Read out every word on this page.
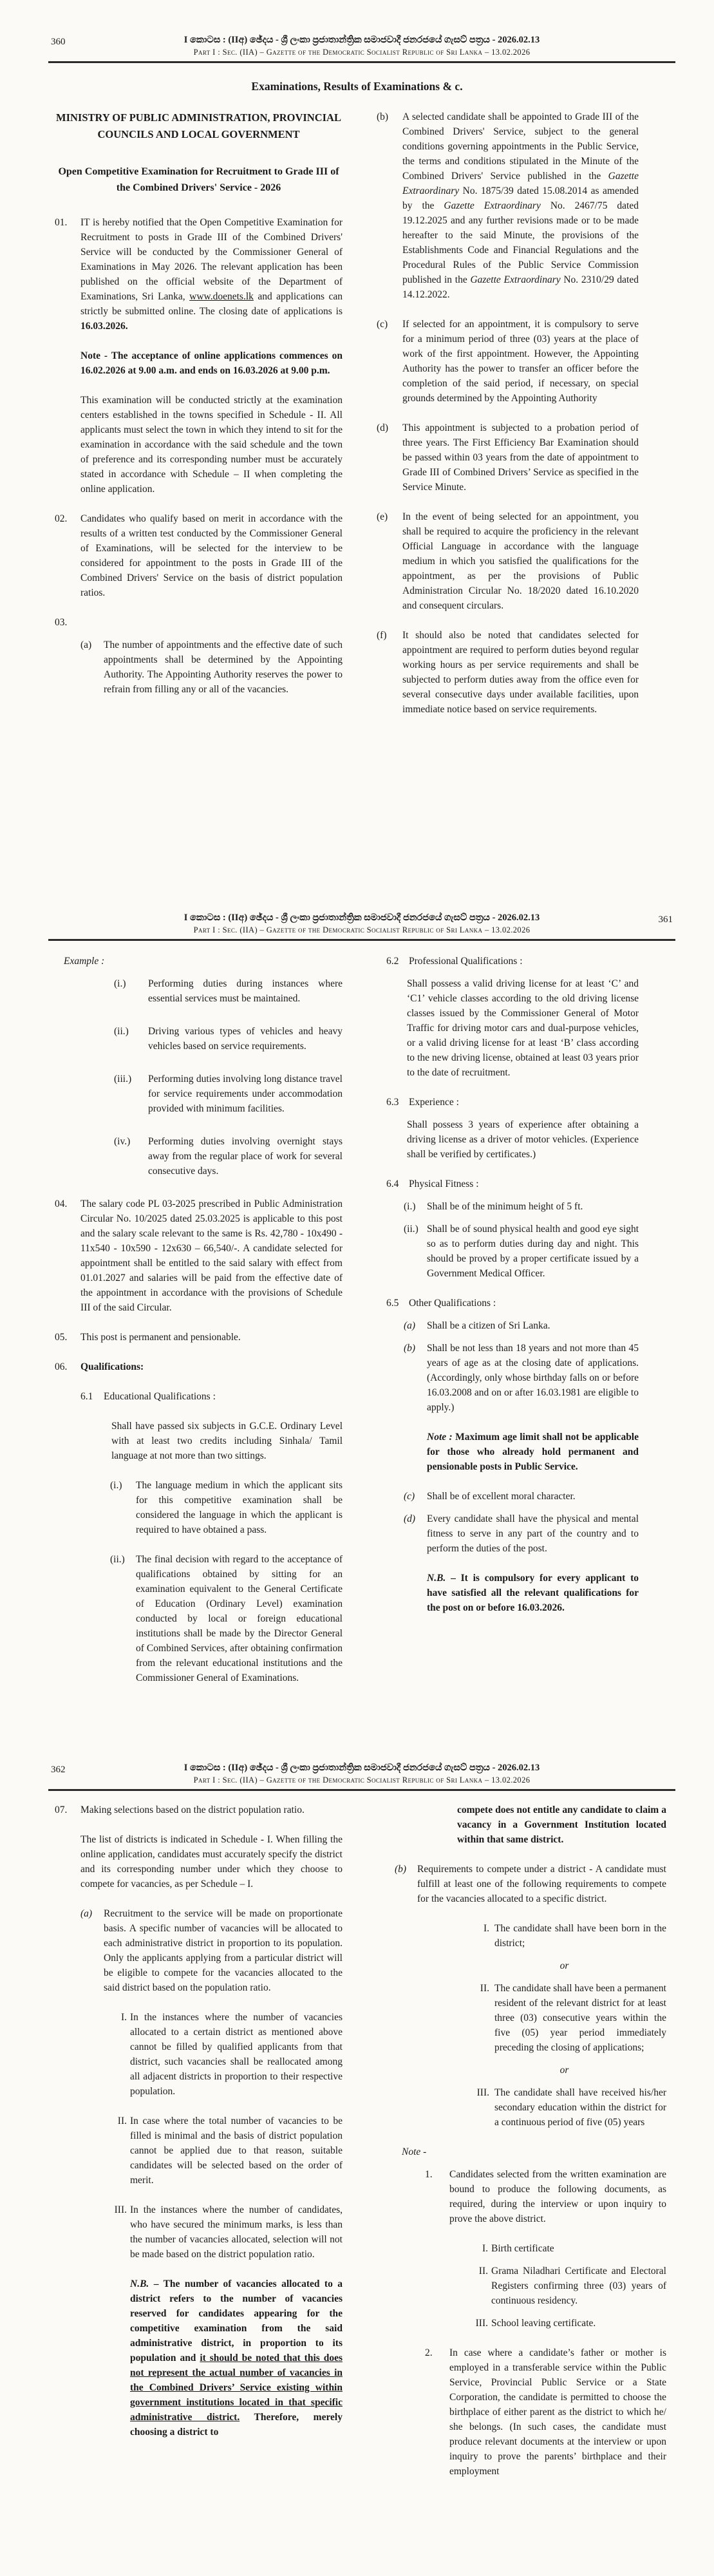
360	I කොටස : (IIඅ) ඡේදය - ශ්‍රී ලංකා ප්‍රජාතාන්ත්‍රික සමාජවාදී ජනරජයේ ගැසට් පත්‍රය - 2026.02.13
Part I : Sec. (IIA) – Gazette of the Democratic Socialist Republic of Sri Lanka – 13.02.2026
Examinations, Results of Examinations & c.
MINISTRY OF PUBLIC ADMINISTRATION, PROVINCIAL COUNCILS AND LOCAL GOVERNMENT
Open Competitive Examination for Recruitment to Grade III of the Combined Drivers' Service - 2026
01.	IT is hereby notified that the Open Competitive Examination for Recruitment to posts in Grade III of the Combined Drivers' Service will be conducted by the Commissioner General of Examinations in May 2026. The relevant application has been published on the official website of the Department of Examinations, Sri Lanka, www.doenets.lk and applications can strictly be submitted online. The closing date of applications is 16.03.2026.
Note - The acceptance of online applications commences on 16.02.2026 at 9.00 a.m. and ends on 16.03.2026 at 9.00 p.m.
This examination will be conducted strictly at the examination centers established in the towns specified in Schedule - II. All applicants must select the town in which they intend to sit for the examination in accordance with the said schedule and the town of preference and its corresponding number must be accurately stated in accordance with Schedule – II when completing the online application.
02.	Candidates who qualify based on merit in accordance with the results of a written test conducted by the Commissioner General of Examinations, will be selected for the interview to be considered for appointment to the posts in Grade III of the Combined Drivers' Service on the basis of district population ratios.
03.
(a)	The number of appointments and the effective date of such appointments shall be determined by the Appointing Authority. The Appointing Authority reserves the power to refrain from filling any or all of the vacancies.
(b)	A selected candidate shall be appointed to Grade III of the Combined Drivers' Service, subject to the general conditions governing appointments in the Public Service, the terms and conditions stipulated in the Minute of the Combined Drivers' Service published in the Gazette Extraordinary No. 1875/39 dated 15.08.2014 as amended by the Gazette Extraordinary No. 2467/75 dated 19.12.2025 and any further revisions made or to be made hereafter to the said Minute, the provisions of the Establishments Code and Financial Regulations and the Procedural Rules of the Public Service Commission published in the Gazette Extraordinary No. 2310/29 dated 14.12.2022.
(c)	If selected for an appointment, it is compulsory to serve for a minimum period of three (03) years at the place of work of the first appointment. However, the Appointing Authority has the power to transfer an officer before the completion of the said period, if necessary, on special grounds determined by the Appointing Authority
(d)	This appointment is subjected to a probation period of three years. The First Efficiency Bar Examination should be passed within 03 years from the date of appointment to Grade III of Combined Drivers’ Service as specified in the Service Minute.
(e)	In the event of being selected for an appointment, you shall be required to acquire the proficiency in the relevant Official Language in accordance with the language medium in which you satisfied the qualifications for the appointment, as per the provisions of Public Administration Circular No. 18/2020 dated 16.10.2020 and consequent circulars.
(f)	It should also be noted that candidates selected for appointment are required to perform duties beyond regular working hours as per service requirements and shall be subjected to perform duties away from the office even for several consecutive days under available facilities, upon immediate notice based on service requirements.
361
I කොටස : (IIඅ) ඡේදය - ශ්‍රී ලංකා ප්‍රජාතාන්ත්‍රික සමාජවාදී ජනරජයේ ගැසට් පත්‍රය - 2026.02.13
Part I : Sec. (IIA) – Gazette of the Democratic Socialist Republic of Sri Lanka – 13.02.2026
Example :
(i.)	Performing duties during instances where essential services must be maintained.
(ii.)	Driving various types of vehicles and heavy vehicles based on service requirements.
(iii.)	Performing duties involving long distance travel for service requirements under accommodation provided with minimum facilities.
(iv.)	Performing duties involving overnight stays away from the regular place of work for several consecutive days.
04.	The salary code PL 03-2025 prescribed in Public Administration Circular No. 10/2025 dated 25.03.2025 is applicable to this post and the salary scale relevant to the same is Rs. 42,780 - 10x490 - 11x540 - 10x590 - 12x630 – 66,540/-. A candidate selected for appointment shall be entitled to the said salary with effect from 01.01.2027 and salaries will be paid from the effective date of the appointment in accordance with the provisions of Schedule III of the said Circular.
05.	This post is permanent and pensionable.
06.	Qualifications:
6.1	Educational Qualifications :
Shall have passed six subjects in G.C.E. Ordinary Level with at least two credits including Sinhala/ Tamil language at not more than two sittings.
(i.)	The language medium in which the applicant sits for this competitive examination shall be considered the language in which the applicant is required to have obtained a pass.
(ii.)	The final decision with regard to the acceptance of qualifications obtained by sitting for an examination equivalent to the General Certificate of Education (Ordinary Level) examination conducted by local or foreign educational institutions shall be made by the Director General of Combined Services, after obtaining confirmation from the relevant educational institutions and the Commissioner General of Examinations.
6.2	Professional Qualifications :
Shall possess a valid driving license for at least ‘C’ and ‘C1’ vehicle classes according to the old driving license classes issued by the Commissioner General of Motor Traffic for driving motor cars and dual-purpose vehicles, or a valid driving license for at least ‘B’ class according to the new driving license, obtained at least 03 years prior to the date of recruitment.
6.3	Experience :
Shall possess 3 years of experience after obtaining a driving license as a driver of motor vehicles. (Experience shall be verified by certificates.)
6.4	Physical Fitness :
(i.)	Shall be of the minimum height of 5 ft.
(ii.) Shall be of sound physical health and good eye sight so as to perform duties during day and night. This should be proved by a proper certificate issued by a Government Medical Officer.
6.5	Other Qualifications :
(a)	Shall be a citizen of Sri Lanka.
(b)	Shall be not less than 18 years and not more than 45 years of age as at the closing date of applications. (Accordingly, only whose birthday falls on or before 16.03.2008 and on or after 16.03.1981 are eligible to apply.)
Note : Maximum age limit shall not be applicable for those who already hold permanent and pensionable posts in Public Service.
(c)	Shall be of excellent moral character.
(d)	Every candidate shall have the physical and mental fitness to serve in any part of the country and to perform the duties of the post.
N.B. – It is compulsory for every applicant to have satisfied all the relevant qualifications for the post on or before 16.03.2026.
362	I කොටස : (IIඅ) ඡේදය - ශ්‍රී ලංකා ප්‍රජාතාන්ත්‍රික සමාජවාදී ජනරජයේ ගැසට් පත්‍රය - 2026.02.13
Part I : Sec. (IIA) – Gazette of the Democratic Socialist Republic of Sri Lanka – 13.02.2026
07.	Making selections based on the district population ratio.
The list of districts is indicated in Schedule - I. When filling the online application, candidates must accurately specify the district and its corresponding number under which they choose to compete for vacancies, as per Schedule – I.
(a)	Recruitment to the service will be made on proportionate basis. A specific number of vacancies will be allocated to each administrative district in proportion to its population. Only the applicants applying from a particular district will be eligible to compete for the vacancies allocated to the said district based on the population ratio.
I. In the instances where the number of vacancies allocated to a certain district as mentioned above cannot be filled by qualified applicants from that district, such vacancies shall be reallocated among all adjacent districts in proportion to their respective population.
II. In case where the total number of vacancies to be filled is minimal and the basis of district population cannot be applied due to that reason, suitable candidates will be selected based on the order of merit.
III. In the instances where the number of candidates, who have secured the minimum marks, is less than the number of vacancies allocated, selection will not be made based on the district population ratio.
N.B. – The number of vacancies allocated to a district refers to the number of vacancies reserved for candidates appearing for the competitive examination from the said administrative district, in proportion to its population and it should be noted that this does not represent the actual number of vacancies in the Combined Drivers’ Service existing within government institutions located in that specific administrative district. Therefore, merely choosing a district to
compete does not entitle any candidate to claim a vacancy in a Government Institution located within that same district.
(b)	Requirements to compete under a district - A candidate must fulfill at least one of the following requirements to compete for the vacancies allocated to a specific district.
I. The candidate shall have been born in the district;
or
II. The candidate shall have been a permanent resident of the relevant district for at least three (03) consecutive years within the five (05) year period immediately preceding the closing of applications;
or
III. The candidate shall have received his/her secondary education within the district for a continuous period of five (05) years
Note -
1.	Candidates selected from the written examination are bound to produce the following documents, as required, during the interview or upon inquiry to prove the above district.
I. Birth certificate
II. Grama Niladhari Certificate and Electoral Registers confirming three (03) years of continuous residency.
III. School leaving certificate.
2.	In case where a candidate’s father or mother is employed in a transferable service within the Public Service, Provincial Public Service or a State Corporation, the candidate is permitted to choose the birthplace of either parent as the district to which he/ she belongs. (In such cases, the candidate must produce relevant documents at the interview or upon inquiry to prove the parents’ birthplace and their employment
